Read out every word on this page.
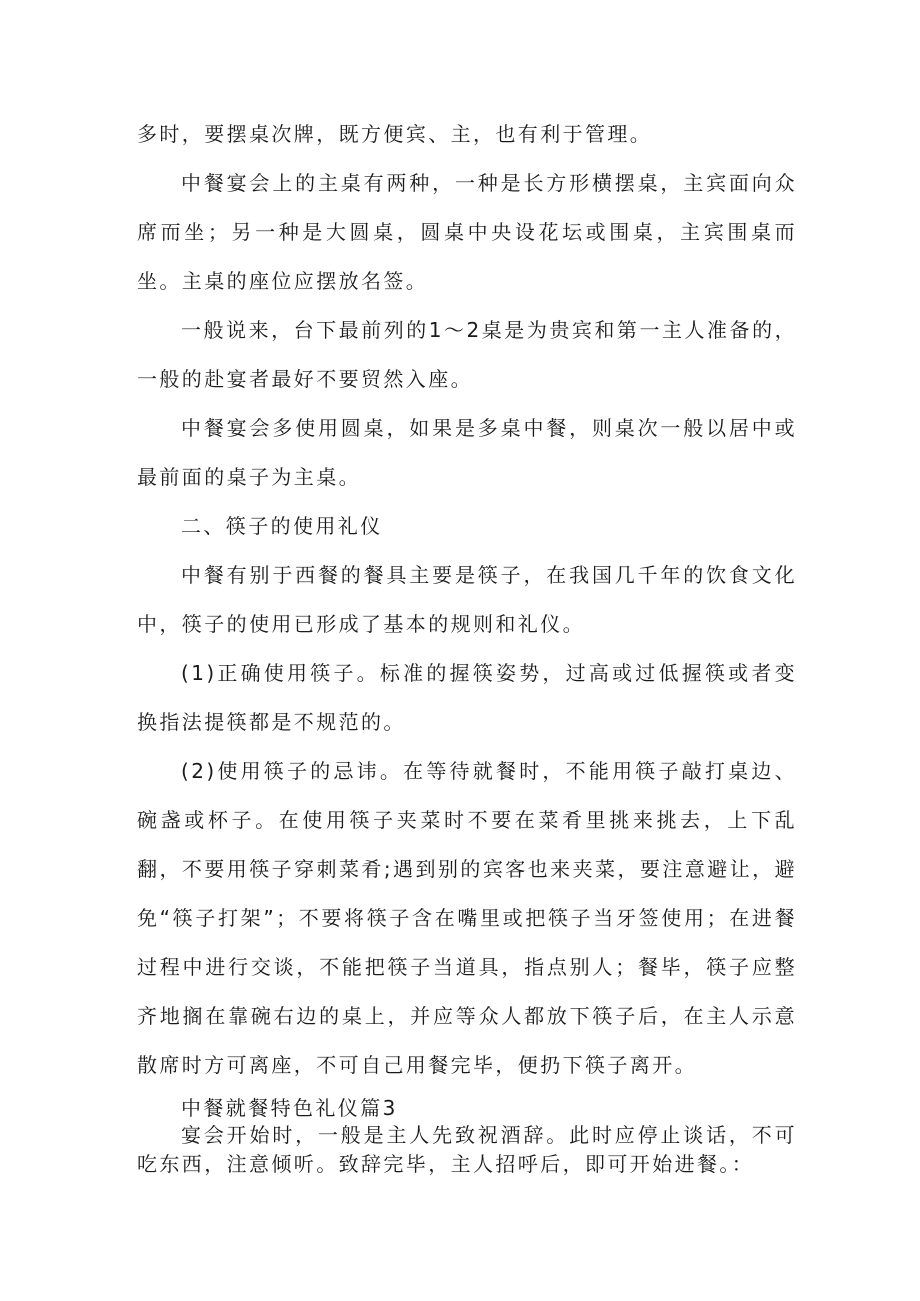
多时，要摆桌次牌，既方便宾、主，也有利于管理。

中餐宴会上的主桌有两种，一种是长方形横摆桌，主宾面向众席而坐；另一种是大圆桌，圆桌中央设花坛或围桌，主宾围桌而坐。主桌的座位应摆放名签。

一般说来，台下最前列的1～2桌是为贵宾和第一主人准备的，一般的赴宴者最好不要贸然入座。

中餐宴会多使用圆桌，如果是多桌中餐，则桌次一般以居中或最前面的桌子为主桌。

二、筷子的使用礼仪

中餐有别于西餐的餐具主要是筷子，在我国几千年的饮食文化中，筷子的使用已形成了基本的规则和礼仪。

(1)正确使用筷子。标准的握筷姿势，过高或过低握筷或者变换指法提筷都是不规范的。

(2)使用筷子的忌讳。在等待就餐时，不能用筷子敲打桌边、碗盏或杯子。在使用筷子夹菜时不要在菜肴里挑来挑去，上下乱翻，不要用筷子穿刺菜肴;遇到别的宾客也来夹菜，要注意避让，避免“筷子打架”；不要将筷子含在嘴里或把筷子当牙签使用；在进餐过程中进行交谈，不能把筷子当道具，指点别人；餐毕，筷子应整齐地搁在靠碗右边的桌上，并应等众人都放下筷子后，在主人示意散席时方可离座，不可自己用餐完毕，便扔下筷子离开。

中餐就餐特色礼仪篇3

宴会开始时，一般是主人先致祝酒辞。此时应停止谈话，不可吃东西，注意倾听。致辞完毕，主人招呼后，即可开始进餐。：
